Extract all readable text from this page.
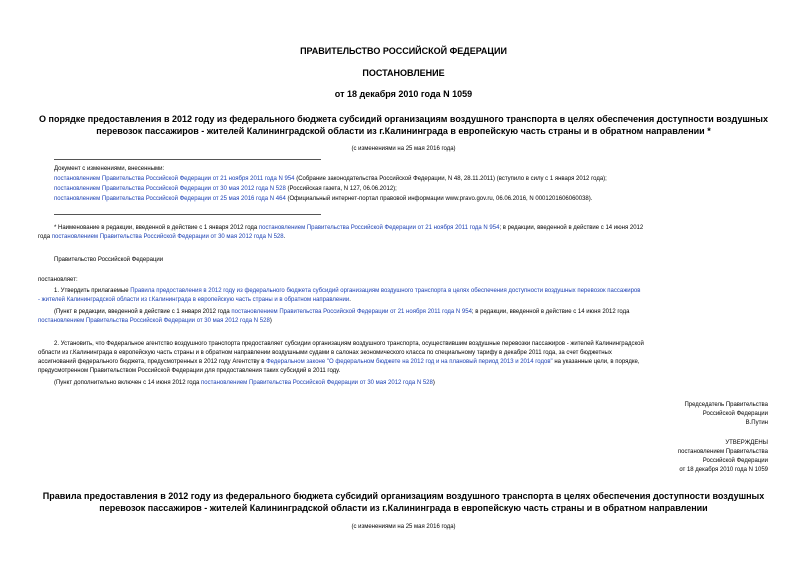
ПРАВИТЕЛЬСТВО РОССИЙСКОЙ ФЕДЕРАЦИИ
ПОСТАНОВЛЕНИЕ
от 18 декабря 2010 года N 1059
О порядке предоставления в 2012 году из федерального бюджета субсидий организациям воздушного транспорта в целях обеспечения доступности воздушных
перевозок пассажиров - жителей Калининградской области из г.Калининграда в европейскую часть страны и в обратном направлении *
(с изменениями на 25 мая 2016 года)
Документ с изменениями, внесенными:
постановлением Правительства Российской Федерации от 21 ноября 2011 года N 954 (Собрание законодательства Российской Федерации, N 48, 28.11.2011) (вступило в силу с 1 января 2012 года);
постановлением Правительства Российской Федерации от 30 мая 2012 года N 528 (Российская газета, N 127, 06.06.2012);
постановлением Правительства Российской Федерации от 25 мая 2016 года N 464 (Официальный интернет-портал правовой информации www.pravo.gov.ru, 06.06.2016, N 0001201606060038).
* Наименование в редакции, введенной в действие с 1 января 2012 года постановлением Правительства Российской Федерации от 21 ноября 2011 года N 954; в редакции, введенной в действие с 14 июня 2012
года постановлением Правительства Российской Федерации от 30 мая 2012 года N 528.
Правительство Российской Федерации
постановляет:
1. Утвердить прилагаемые Правила предоставления в 2012 году из федерального бюджета субсидий организациям воздушного транспорта в целях обеспечения доступности воздушных перевозок пассажиров
- жителей Калининградской области из г.Калининграда в европейскую часть страны и в обратном направлении.
(Пункт в редакции, введенной в действие с 1 января 2012 года постановлением Правительства Российской Федерации от 21 ноября 2011 года N 954; в редакции, введенной в действие с 14 июня 2012 года
постановлением Правительства Российской Федерации от 30 мая 2012 года N 528)
2. Установить, что Федеральное агентство воздушного транспорта предоставляет субсидии организациям воздушного транспорта, осуществившим воздушные перевозки пассажиров - жителей Калининградской
области из г.Калининграда в европейскую часть страны и в обратном направлении воздушными судами в салонах экономического класса по специальному тарифу в декабре 2011 года, за счет бюджетных
ассигнований федерального бюджета, предусмотренных в 2012 году Агентству в Федеральном законе "О федеральном бюджете на 2012 год и на плановый период 2013 и 2014 годов" на указанные цели, в порядке,
предусмотренном Правительством Российской Федерации для предоставления таких субсидий в 2011 году.
(Пункт дополнительно включен с 14 июня 2012 года постановлением Правительства Российской Федерации от 30 мая 2012 года N 528)
Председатель Правительства
Российской Федерации
В.Путин
УТВЕРЖДЕНЫ
постановлением Правительства
Российской Федерации
от 18 декабря 2010 года N 1059
Правила предоставления в 2012 году из федерального бюджета субсидий организациям воздушного транспорта в целях обеспечения доступности воздушных
перевозок пассажиров - жителей Калининградской области из г.Калининграда в европейскую часть страны и в обратном направлении
(с изменениями на 25 мая 2016 года)
